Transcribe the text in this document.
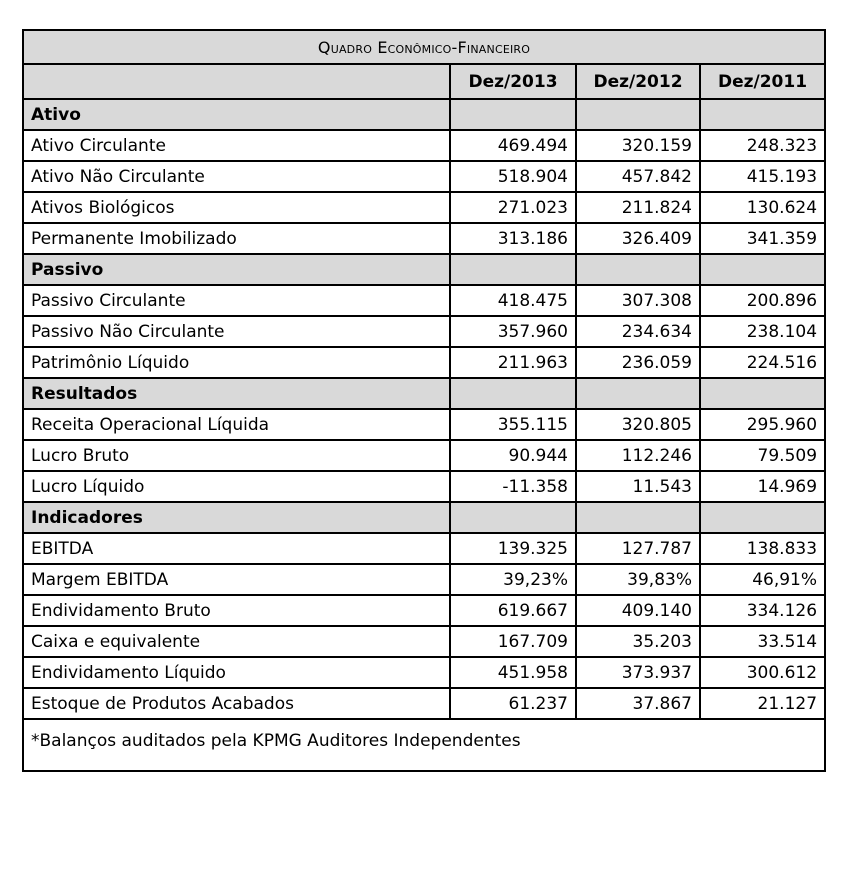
Quadro Econômico-Financeiro			
	Dez/2013	Dez/2012	Dez/2011
Ativo			
Ativo Circulante	469.494	320.159	248.323
Ativo Não Circulante	518.904	457.842	415.193
Ativos Biológicos	271.023	211.824	130.624
Permanente Imobilizado	313.186	326.409	341.359
Passivo			
Passivo Circulante	418.475	307.308	200.896
Passivo Não Circulante	357.960	234.634	238.104
Patrimônio Líquido	211.963	236.059	224.516
Resultados			
Receita Operacional Líquida	355.115	320.805	295.960
Lucro Bruto	90.944	112.246	79.509
Lucro Líquido	-11.358	11.543	14.969
Indicadores			
EBITDA	139.325	127.787	138.833
Margem EBITDA	39,23%	39,83%	46,91%
Endividamento Bruto	619.667	409.140	334.126
Caixa e equivalente	167.709	35.203	33.514
Endividamento Líquido	451.958	373.937	300.612
Estoque de Produtos Acabados	61.237	37.867	21.127
*Balanços auditados pela KPMG Auditores Independentes			
